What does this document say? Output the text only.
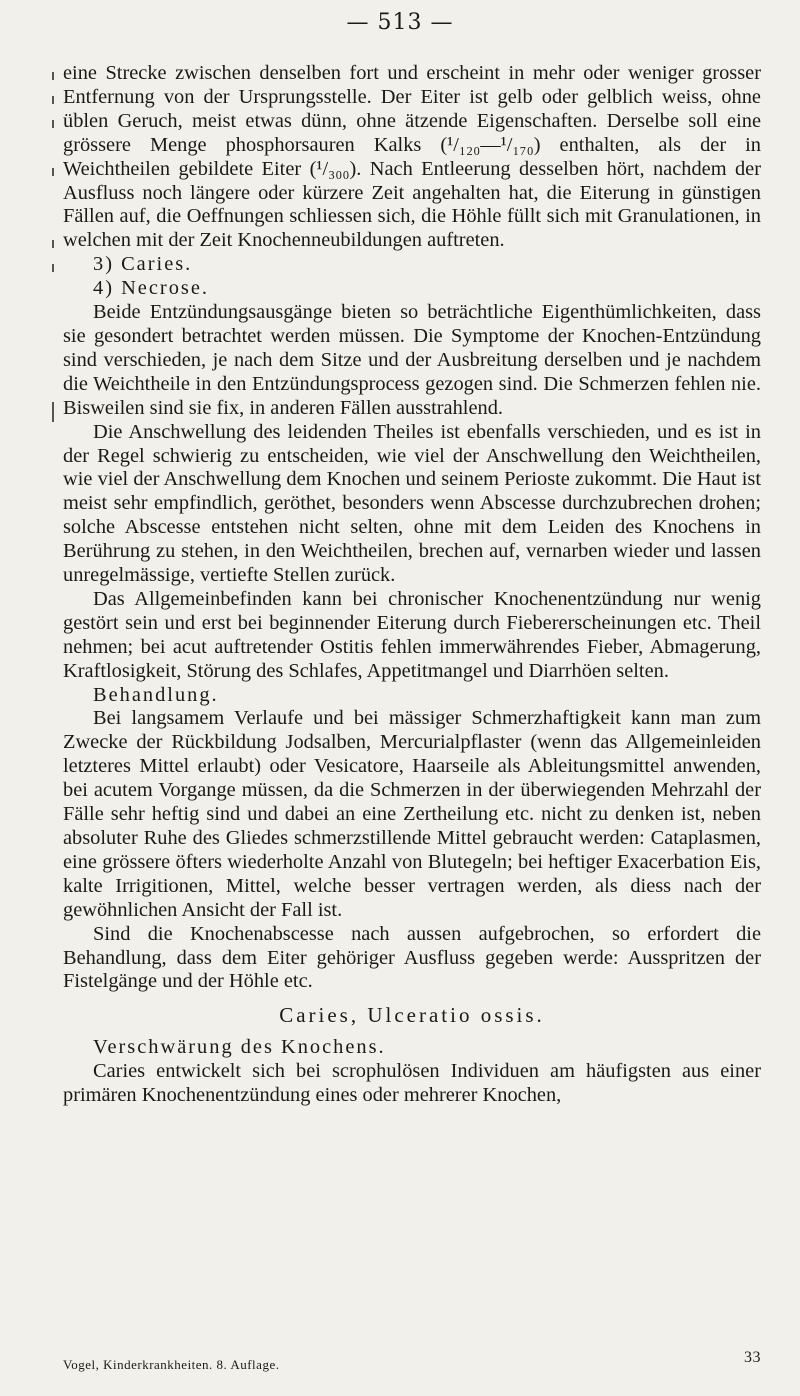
— 513 —

eine Strecke zwischen denselben fort und erscheint in mehr oder weniger grosser Entfernung von der Ursprungsstelle. Der Eiter ist gelb oder gelblich weiss, ohne üblen Geruch, meist etwas dünn, ohne ätzende Eigenschaften. Derselbe soll eine grössere Menge phosphorsauren Kalks (¹/₁₂₀—¹/₁₇₀) enthalten, als der in Weichtheilen gebildete Eiter (¹/₃₀₀). Nach Entleerung desselben hört, nachdem der Ausfluss noch längere oder kürzere Zeit angehalten hat, die Eiterung in günstigen Fällen auf, die Oeffnungen schliessen sich, die Höhle füllt sich mit Granulationen, in welchen mit der Zeit Knochenneubildungen auftreten.

3) Caries.

4) Necrose.

Beide Entzündungsausgänge bieten so beträchtliche Eigenthümlichkeiten, dass sie gesondert betrachtet werden müssen. Die Symptome der Knochen-Entzündung sind verschieden, je nach dem Sitze und der Ausbreitung derselben und je nachdem die Weichtheile in den Entzündungsprocess gezogen sind. Die Schmerzen fehlen nie. Bisweilen sind sie fix, in anderen Fällen ausstrahlend.

Die Anschwellung des leidenden Theiles ist ebenfalls verschieden, und es ist in der Regel schwierig zu entscheiden, wie viel der Anschwellung den Weichtheilen, wie viel der Anschwellung dem Knochen und seinem Perioste zukommt. Die Haut ist meist sehr empfindlich, geröthet, besonders wenn Abscesse durchzubrechen drohen; solche Abscesse entstehen nicht selten, ohne mit dem Leiden des Knochens in Berührung zu stehen, in den Weichtheilen, brechen auf, vernarben wieder und lassen unregelmässige, vertiefte Stellen zurück.

Das Allgemeinbefinden kann bei chronischer Knochenentzündung nur wenig gestört sein und erst bei beginnender Eiterung durch Fiebererscheinungen etc. Theil nehmen; bei acut auftretender Ostitis fehlen immerwährendes Fieber, Abmagerung, Kraftlosigkeit, Störung des Schlafes, Appetitmangel und Diarrhöen selten.

Behandlung.

Bei langsamem Verlaufe und bei mässiger Schmerzhaftigkeit kann man zum Zwecke der Rückbildung Jodsalben, Mercurialpflaster (wenn das Allgemeinleiden letzteres Mittel erlaubt) oder Vesicatore, Haarseile als Ableitungsmittel anwenden, bei acutem Vorgange müssen, da die Schmerzen in der überwiegenden Mehrzahl der Fälle sehr heftig sind und dabei an eine Zertheilung etc. nicht zu denken ist, neben absoluter Ruhe des Gliedes schmerzstillende Mittel gebraucht werden: Cataplasmen, eine grössere öfters wiederholte Anzahl von Blutegeln; bei heftiger Exacerbation Eis, kalte Irrigitionen, Mittel, welche besser vertragen werden, als diess nach der gewöhnlichen Ansicht der Fall ist.

Sind die Knochenabscesse nach aussen aufgebrochen, so erfordert die Behandlung, dass dem Eiter gehöriger Ausfluss gegeben werde: Ausspritzen der Fistelgänge und der Höhle etc.

Caries, Ulceratio ossis.

Verschwärung des Knochens.

Caries entwickelt sich bei scrophulösen Individuen am häufigsten aus einer primären Knochenentzündung eines oder mehrerer Knochen,

Vogel, Kinderkrankheiten. 8. Auflage.	33
